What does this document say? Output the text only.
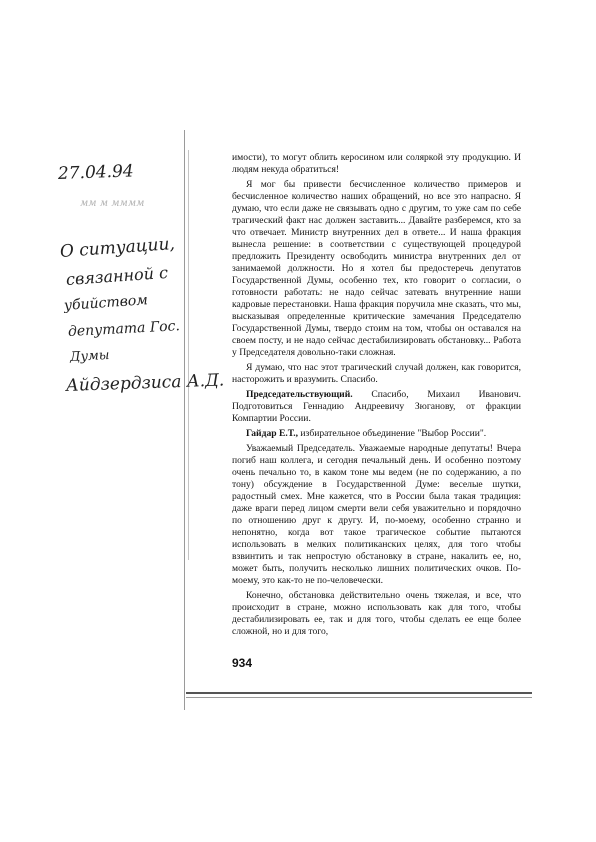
27.04.94
мм м мммм
О ситуации,
связанной с
убийством
депутата Гос.
Думы
Айдзердзиса А.Д.

имости), то могут облить керосином или соляркой эту продукцию. И людям некуда обратиться!

Я мог бы привести бесчисленное количество примеров и бесчисленное количество наших обращений, но все это напрасно. Я думаю, что если даже не связывать одно с другим, то уже сам по себе трагический факт нас должен заставить... Давайте разберемся, кто за что отвечает. Министр внутренних дел в ответе... И наша фракция вынесла решение: в соответствии с существующей процедурой предложить Президенту освободить министра внутренних дел от занимаемой должности. Но я хотел бы предостеречь депутатов Государственной Думы, особенно тех, кто говорит о согласии, о готовности работать: не надо сейчас затевать внутренние наши кадровые перестановки. Наша фракция поручила мне сказать, что мы, высказывая определенные критические замечания Председателю Государственной Думы, твердо стоим на том, чтобы он оставался на своем посту, и не надо сейчас дестабилизировать обстановку... Работа у Председателя довольно-таки сложная.

Я думаю, что нас этот трагический случай должен, как говорится, насторожить и вразумить. Спасибо.

Председательствующий. Спасибо, Михаил Иванович. Подготовиться Геннадию Андреевичу Зюганову, от фракции Компартии России.

Гайдар Е.Т., избирательное объединение "Выбор России".

Уважаемый Председатель. Уважаемые народные депутаты! Вчера погиб наш коллега, и сегодня печальный день. И особенно поэтому очень печально то, в каком тоне мы ведем (не по содержанию, а по тону) обсуждение в Государственной Думе: веселые шутки, радостный смех. Мне кажется, что в России была такая традиция: даже враги перед лицом смерти вели себя уважительно и порядочно по отношению друг к другу. И, по-моему, особенно странно и непонятно, когда вот такое трагическое событие пытаются использовать в мелких политиканских целях, для того чтобы взвинтить и так непростую обстановку в стране, накалить ее, но, может быть, получить несколько лишних политических очков. По-моему, это как-то не по-человечески.

Конечно, обстановка действительно очень тяжелая, и все, что происходит в стране, можно использовать как для того, чтобы дестабилизировать ее, так и для того, чтобы сделать ее еще более сложной, но и для того,

934
